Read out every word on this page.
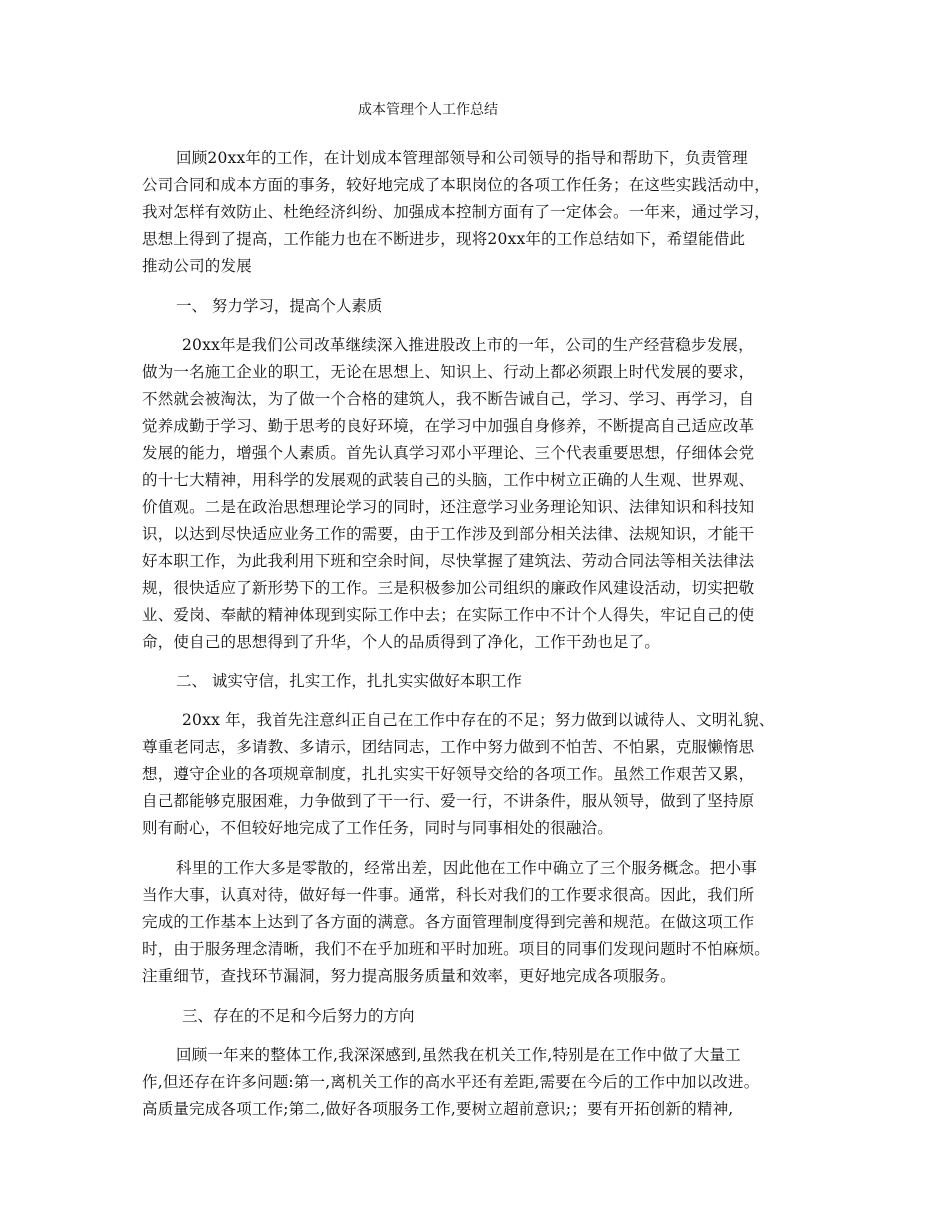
成本管理个人工作总结
回顾20xx年的工作，在计划成本管理部领导和公司领导的指导和帮助下，负责管理
公司合同和成本方面的事务，较好地完成了本职岗位的各项工作任务；在这些实践活动中，
我对怎样有效防止、杜绝经济纠纷、加强成本控制方面有了一定体会。一年来，通过学习，
思想上得到了提高，工作能力也在不断进步，现将20xx年的工作总结如下，希望能借此
推动公司的发展
一、 努力学习，提高个人素质
20xx年是我们公司改革继续深入推进股改上市的一年，公司的生产经营稳步发展，
做为一名施工企业的职工，无论在思想上、知识上、行动上都必须跟上时代发展的要求，
不然就会被淘汰，为了做一个合格的建筑人，我不断告诫自己，学习、学习、再学习，自
觉养成勤于学习、勤于思考的良好环境，在学习中加强自身修养，不断提高自己适应改革
发展的能力，增强个人素质。首先认真学习邓小平理论、三个代表重要思想，仔细体会党
的十七大精神，用科学的发展观的武装自己的头脑，工作中树立正确的人生观、世界观、
价值观。二是在政治思想理论学习的同时，还注意学习业务理论知识、法律知识和科技知
识，以达到尽快适应业务工作的需要，由于工作涉及到部分相关法律、法规知识，才能干
好本职工作，为此我利用下班和空余时间，尽快掌握了建筑法、劳动合同法等相关法律法
规，很快适应了新形势下的工作。三是积极参加公司组织的廉政作风建设活动，切实把敬
业、爱岗、奉献的精神体现到实际工作中去；在实际工作中不计个人得失，牢记自己的使
命，使自己的思想得到了升华，个人的品质得到了净化，工作干劲也足了。
二、 诚实守信，扎实工作，扎扎实实做好本职工作
20xx 年，我首先注意纠正自己在工作中存在的不足；努力做到以诚待人、文明礼貌、
尊重老同志，多请教、多请示，团结同志，工作中努力做到不怕苦、不怕累，克服懒惰思
想，遵守企业的各项规章制度，扎扎实实干好领导交给的各项工作。虽然工作艰苦又累，
自己都能够克服困难，力争做到了干一行、爱一行，不讲条件，服从领导，做到了坚持原
则有耐心，不但较好地完成了工作任务，同时与同事相处的很融洽。
科里的工作大多是零散的，经常出差，因此他在工作中确立了三个服务概念。把小事
当作大事，认真对待，做好每一件事。通常，科长对我们的工作要求很高。因此，我们所
完成的工作基本上达到了各方面的满意。各方面管理制度得到完善和规范。在做这项工作
时，由于服务理念清晰，我们不在乎加班和平时加班。项目的同事们发现问题时不怕麻烦。
注重细节，查找环节漏洞，努力提高服务质量和效率，更好地完成各项服务。
三、存在的不足和今后努力的方向
回顾一年来的整体工作,我深深感到,虽然我在机关工作,特别是在工作中做了大量工
作,但还存在许多问题:第一,离机关工作的高水平还有差距,需要在今后的工作中加以改进。
高质量完成各项工作;第二,做好各项服务工作,要树立超前意识;；要有开拓创新的精神,
